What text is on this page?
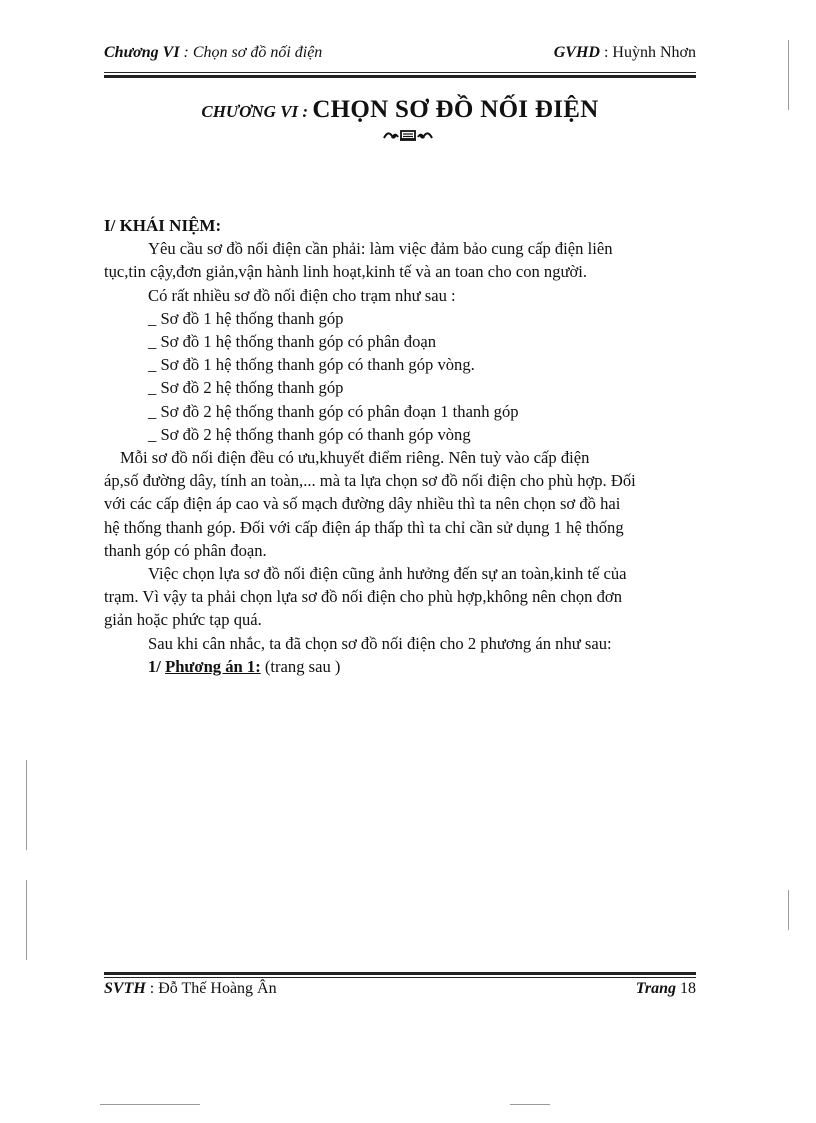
Chương VI : Chọn sơ đồ nối điện	GVHD : Huỳnh Nhơn
CHƯƠNG VI : CHỌN SƠ ĐỒ NỐI ĐIỆN

I/ KHÁI NIỆM:

Yêu cầu sơ đồ nối điện cần phải: làm việc đảm bảo cung cấp điện liên

tục,tin cậy,đơn giản,vận hành linh hoạt,kinh tế và an toan cho con người.

Có rất nhiều sơ đồ nối điện cho trạm như sau :

_ Sơ đồ 1 hệ thống thanh góp

_ Sơ đồ 1 hệ thống thanh góp có phân đoạn

_ Sơ đồ 1 hệ thống thanh góp có thanh góp vòng.

_ Sơ đồ 2 hệ thống thanh góp

_ Sơ đồ 2 hệ thống thanh góp có phân đoạn 1 thanh góp

_ Sơ đồ 2 hệ thống thanh góp có thanh góp vòng

Mỗi sơ đồ nối điện đều có ưu,khuyết điểm riêng. Nên tuỳ vào cấp điện

áp,số đường dây, tính an toàn,... mà ta lựa chọn sơ đồ nối điện cho phù hợp. Đối

với các cấp điện áp cao và số mạch đường dây nhiều thì ta nên chọn sơ đồ hai

hệ thống thanh góp. Đối với cấp điện áp thấp thì ta chỉ cần sử dụng 1 hệ thống

thanh góp có phân đoạn.

Việc chọn lựa sơ đồ nối điện cũng ảnh hưởng đến sự an toàn,kinh tế của

trạm. Vì vậy ta phải chọn lựa sơ đồ nối điện cho phù hợp,không nên chọn đơn

giản hoặc phức tạp quá.

Sau khi cân nhắc, ta đã chọn sơ đồ nối điện cho 2 phương án như sau:

1/ Phương án 1: (trang sau )

SVTH : Đỗ Thế Hoàng Ân	Trang 18
